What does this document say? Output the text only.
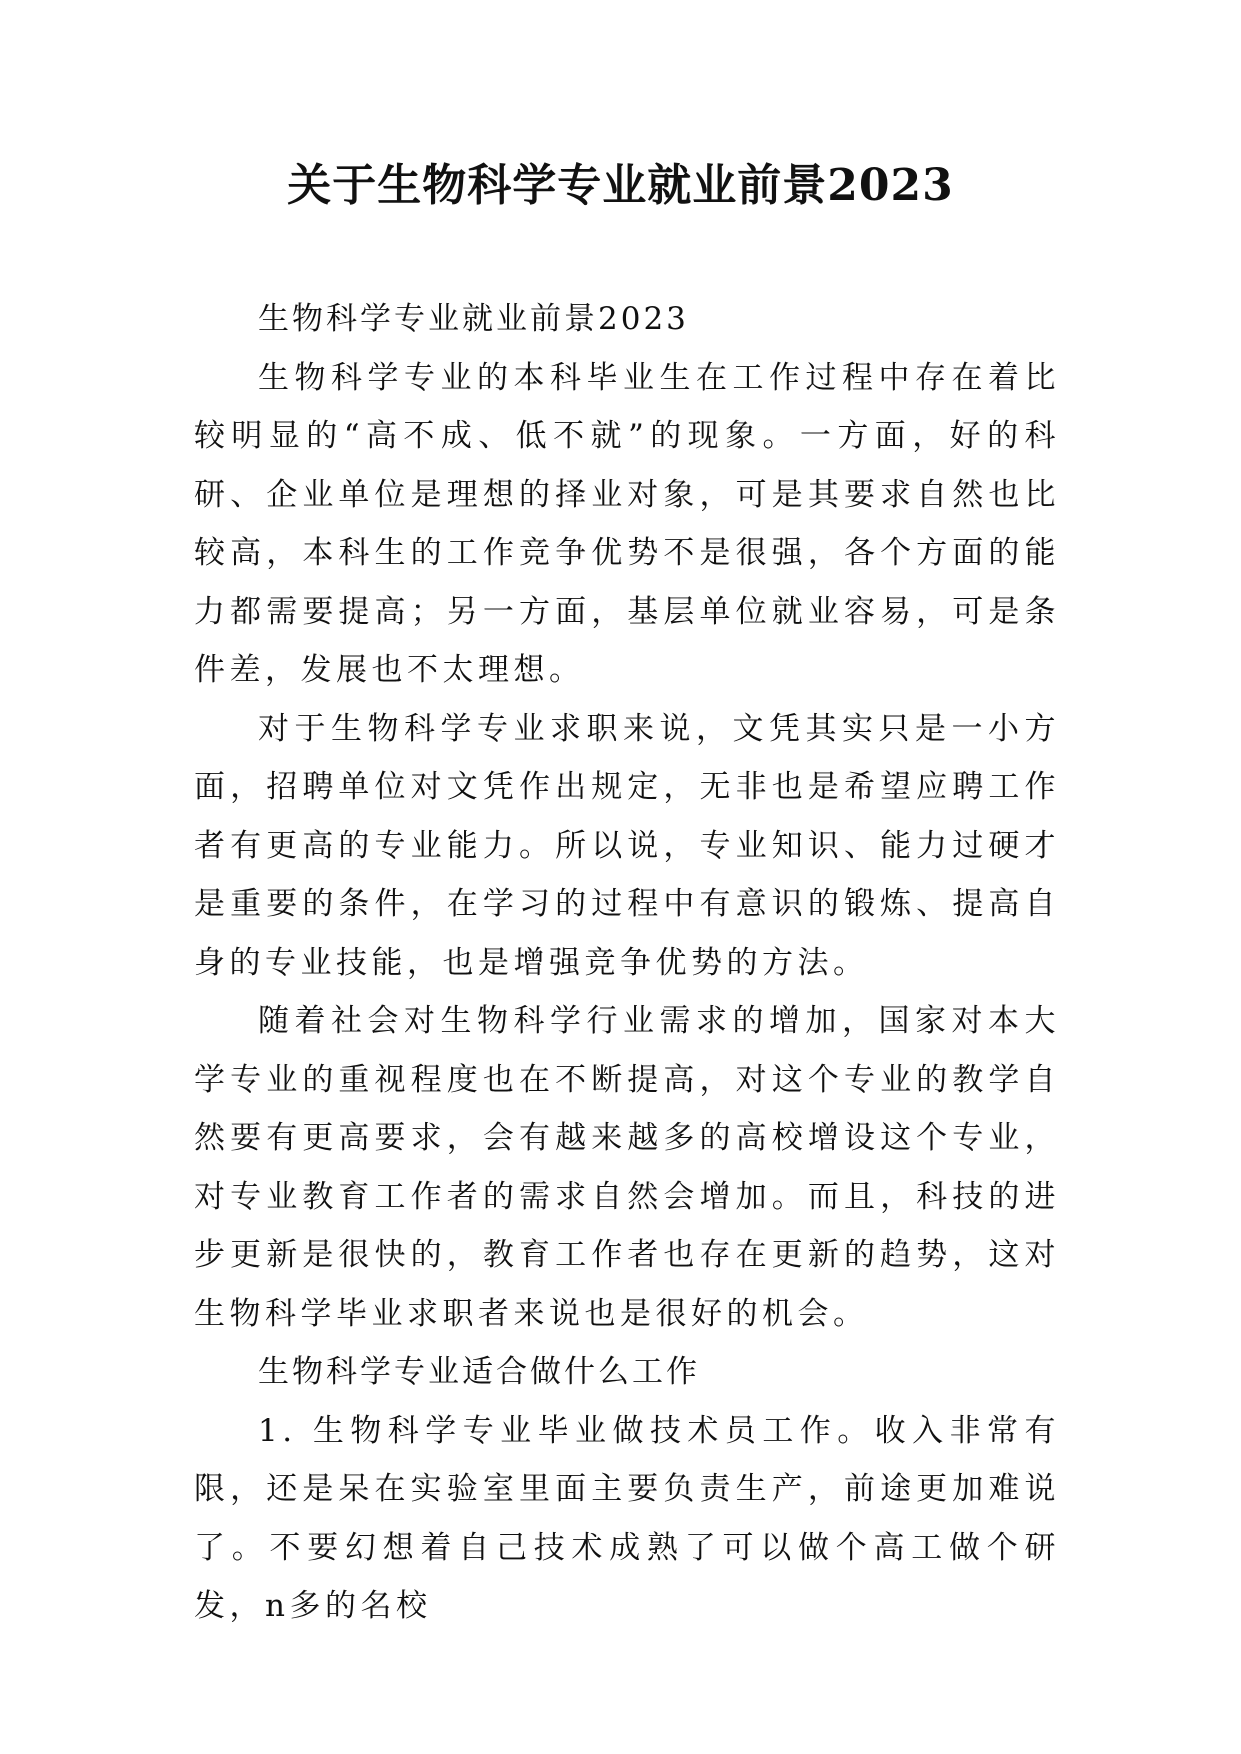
关于生物科学专业就业前景2023

生物科学专业就业前景2023

生物科学专业的本科毕业生在工作过程中存在着比较明显的“高不成、低不就”的现象。一方面，好的科研、企业单位是理想的择业对象，可是其要求自然也比较高，本科生的工作竞争优势不是很强，各个方面的能力都需要提高；另一方面，基层单位就业容易，可是条件差，发展也不太理想。

对于生物科学专业求职来说，文凭其实只是一小方面，招聘单位对文凭作出规定，无非也是希望应聘工作者有更高的专业能力。所以说，专业知识、能力过硬才是重要的条件，在学习的过程中有意识的锻炼、提高自身的专业技能，也是增强竞争优势的方法。

随着社会对生物科学行业需求的增加，国家对本大学专业的重视程度也在不断提高，对这个专业的教学自然要有更高要求，会有越来越多的高校增设这个专业，对专业教育工作者的需求自然会增加。而且，科技的进步更新是很快的，教育工作者也存在更新的趋势，这对生物科学毕业求职者来说也是很好的机会。

生物科学专业适合做什么工作

1. 生物科学专业毕业做技术员工作。收入非常有限，还是呆在实验室里面主要负责生产，前途更加难说了。不要幻想着自己技术成熟了可以做个高工做个研发，n多的名校
